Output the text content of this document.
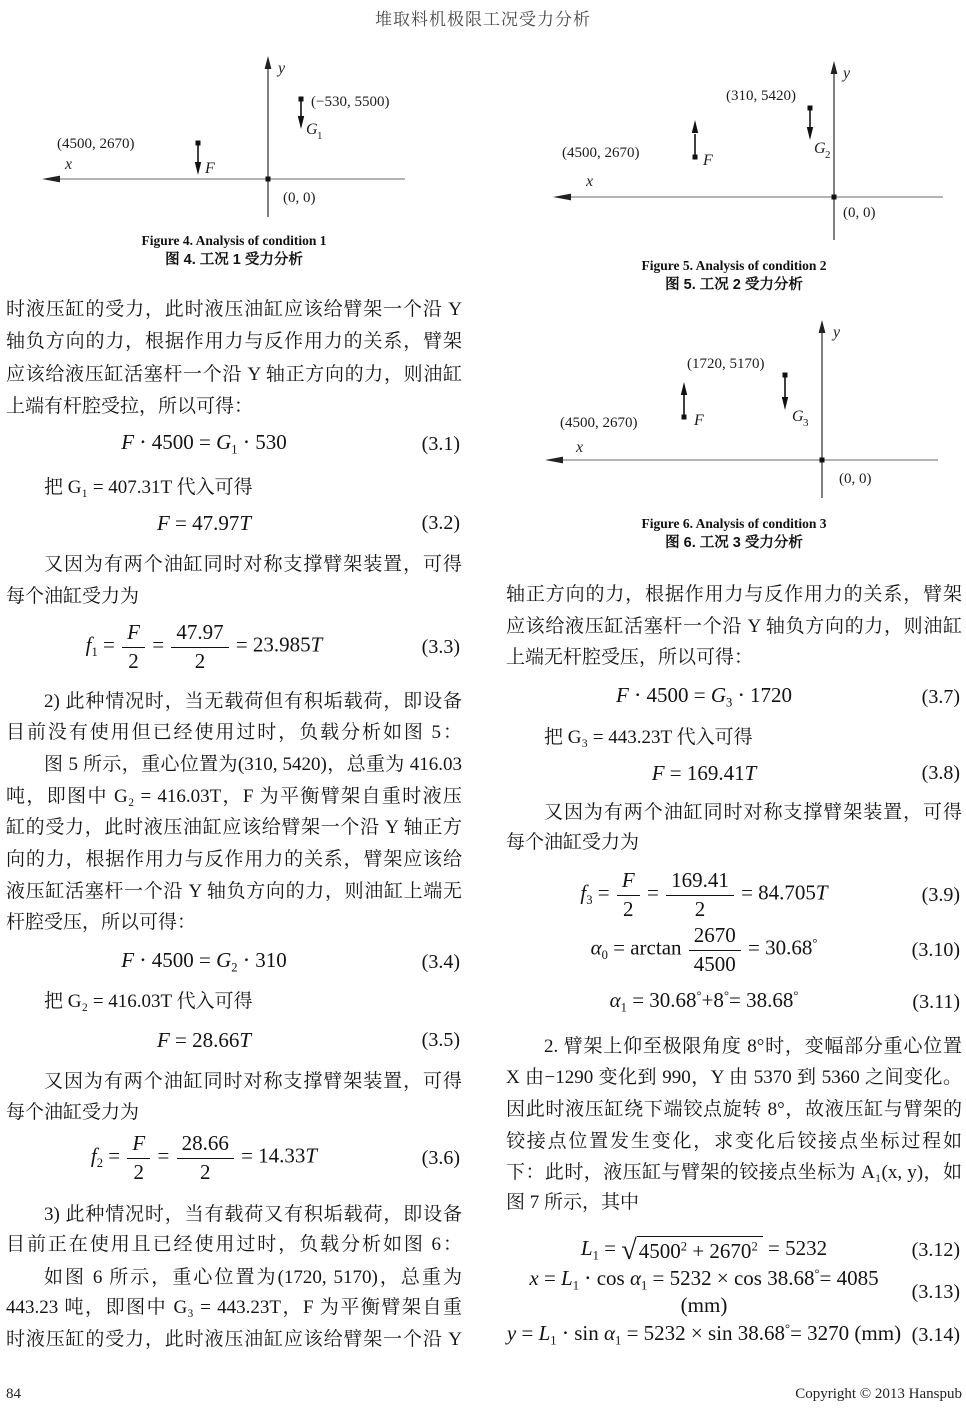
堆取料机极限工况受力分析
y
x
(0, 0)
(−530, 5500)
G 1
(4500, 2670)
F
Figure 4. Analysis of condition 1
图 4. 工况 1 受力分析
y
x
(0, 0)
(310, 5420)
G 2
(4500, 2670)	F
Figure 5. Analysis of condition 2
图 5. 工况 2 受力分析
y
x
(0, 0)
(1720, 5170)
G 3
(4500, 2670)	F
Figure 6. Analysis of condition 3
图 6. 工况 3 受力分析
时液压缸的受力，此时液压油缸应该给臂架一个沿 Y
轴负方向的力，根据作用力与反作用力的关系，臂架
应该给液压缸活塞杆一个沿 Y 轴正方向的力，则油缸
上端有杆腔受拉，所以可得：
$F \cdot 4500 = G_1 \cdot 530$	(3.1)
把 G₁ = 407.31T 代入可得
F = 47.97T	(3.2)
又因为有两个油缸同时对称支撑臂架装置，可得
每个油缸受力为
$f_1 = \frac{F}{2} = \frac{47.97}{2} = 23.985T$	(3.3)
2) 此种情况时，当无载荷但有积垢载荷，即设备
目前没有使用但已经使用过时，负载分析如图 5：
图 5 所示，重心位置为(310, 5420)，总重为 416.03
吨，即图中 G₂ = 416.03T，F 为平衡臂架自重时液压
缸的受力，此时液压油缸应该给臂架一个沿 Y 轴正方
向的力，根据作用力与反作用力的关系，臂架应该给
液压缸活塞杆一个沿 Y 轴负方向的力，则油缸上端无
杆腔受压，所以可得：
$F \cdot 4500 = G_2 \cdot 310$	(3.4)
把 G₂ = 416.03T 代入可得
F = 28.66T	(3.5)
又因为有两个油缸同时对称支撑臂架装置，可得
每个油缸受力为
$f_2 = \frac{F}{2} = \frac{28.66}{2} = 14.33T$	(3.6)
3) 此种情况时，当有载荷又有积垢载荷，即设备
目前正在使用且已经使用过时，负载分析如图 6：
如图 6 所示，重心位置为(1720, 5170)，总重为
443.23 吨，即图中 G₃ = 443.23T，F 为平衡臂架自重
时液压缸的受力，此时液压油缸应该给臂架一个沿 Y
轴正方向的力，根据作用力与反作用力的关系，臂架
应该给液压缸活塞杆一个沿 Y 轴负方向的力，则油缸
上端无杆腔受压，所以可得：
$F \cdot 4500 = G_3 \cdot 1720$	(3.7)
把 G₃ = 443.23T 代入可得
F = 169.41T	(3.8)
又因为有两个油缸同时对称支撑臂架装置，可得
每个油缸受力为
$f_3 = \frac{F}{2} = \frac{169.41}{2} = 84.705T$	(3.9)
$\alpha_0 = \arctan \frac{2670}{4500} = 30.68^\circ$	(3.10)
$\alpha_1 = 30.68^\circ+8^\circ= 38.68^\circ$	(3.11)
2. 臂架上仰至极限角度 8°时，变幅部分重心位置
X 由−1290 变化到 990，Y 由 5370 到 5360 之间变化。
因此时液压缸绕下端铰点旋转 8°，故液压缸与臂架的
铰接点位置发生变化，求变化后铰接点坐标过程如
下：此时，液压缸与臂架的铰接点坐标为 A₁(x, y)，如
图 7 所示，其中
$L_1$ = √ $4500^2 + 2670^2 = 5232$	(3.12)
$x = L_1 \cdot \cos \alpha_1 = 5232 \times \cos 38.68^\circ= 4085$ (mm)
(3.13)
$y = L_1 \cdot \sin \alpha_1 = 5232 \times \sin 38.68^\circ= 3270$ (mm) (3.14)
84	Copyright © 2013 Hanspub
